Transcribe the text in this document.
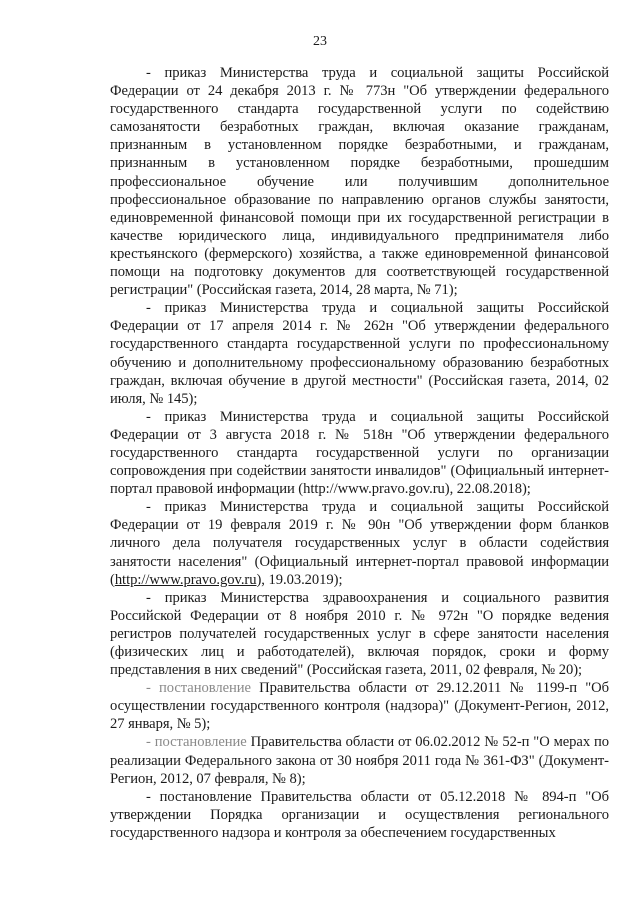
23

- приказ Министерства труда и социальной защиты Российской Федерации от 24 декабря 2013 г. № 773н "Об утверждении федерального государственного стандарта государственной услуги по содействию самозанятости безработных граждан, включая оказание гражданам, признанным в установленном порядке безработными, и гражданам, признанным в установленном порядке безработными, прошедшим профессиональное обучение или получившим дополнительное профессиональное образование по направлению органов службы занятости, единовременной финансовой помощи при их государственной регистрации в качестве юридического лица, индивидуального предпринимателя либо крестьянского (фермерского) хозяйства, а также единовременной финансовой помощи на подготовку документов для соответствующей государственной регистрации" (Российская газета, 2014, 28 марта, № 71);

- приказ Министерства труда и социальной защиты Российской Федерации от 17 апреля 2014 г. № 262н "Об утверждении федерального государственного стандарта государственной услуги по профессиональному обучению и дополнительному профессиональному образованию безработных граждан, включая обучение в другой местности" (Российская газета, 2014, 02 июля, № 145);

- приказ Министерства труда и социальной защиты Российской Федерации от 3 августа 2018 г. № 518н "Об утверждении федерального государственного стандарта государственной услуги по организации сопровождения при содействии занятости инвалидов" (Официальный интернет-портал правовой информации (http://www.pravo.gov.ru), 22.08.2018);

- приказ Министерства труда и социальной защиты Российской Федерации от 19 февраля 2019 г. № 90н "Об утверждении форм бланков личного дела получателя государственных услуг в области содействия занятости населения" (Официальный интернет-портал правовой информации (http://www.pravo.gov.ru), 19.03.2019);

- приказ Министерства здравоохранения и социального развития Российской Федерации от 8 ноября 2010 г. № 972н "О порядке ведения регистров получателей государственных услуг в сфере занятости населения (физических лиц и работодателей), включая порядок, сроки и форму представления в них сведений" (Российская газета, 2011, 02 февраля, № 20);

- постановление Правительства области от 29.12.2011 № 1199-п "Об осуществлении государственного контроля (надзора)" (Документ-Регион, 2012, 27 января, № 5);

- постановление Правительства области от 06.02.2012 № 52-п "О мерах по реализации Федерального закона от 30 ноября 2011 года № 361-ФЗ" (Документ-Регион, 2012, 07 февраля, № 8);

- постановление Правительства области от 05.12.2018 № 894-п "Об утверждении Порядка организации и осуществления регионального государственного надзора и контроля за обеспечением государственных
